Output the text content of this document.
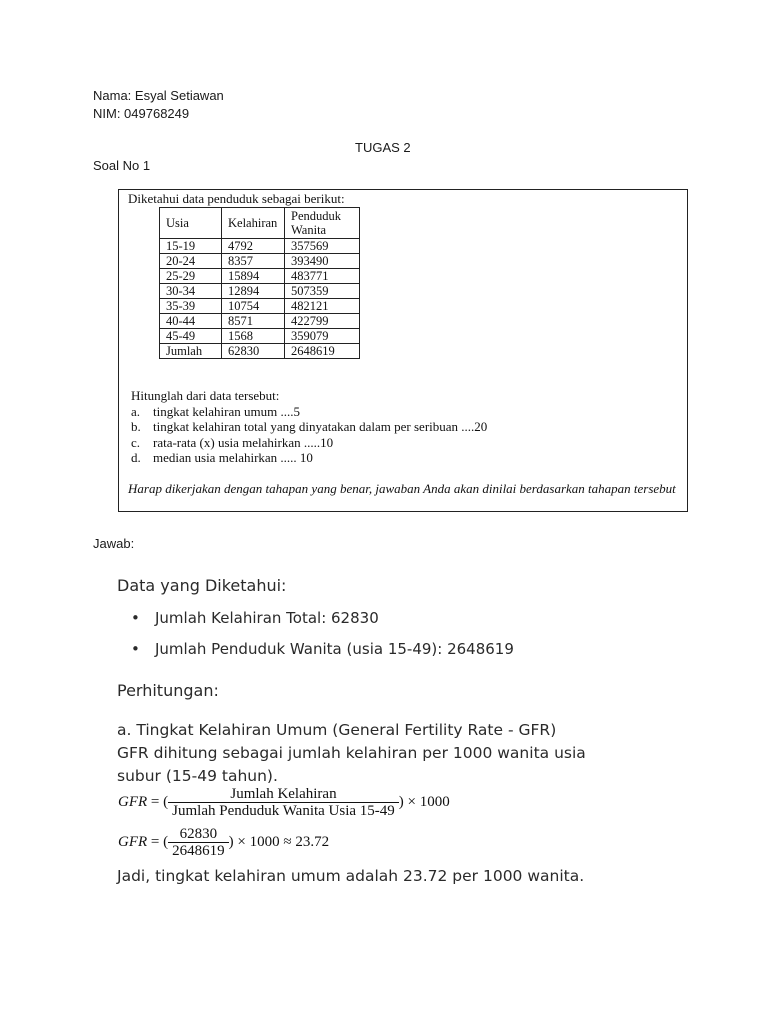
Nama: Esyal Setiawan
NIM: 049768249
TUGAS 2
Soal No 1
Diketahui data penduduk sebagai berikut:
Usia	Kelahiran	Penduduk Wanita
15-19	4792	357569
20-24	8357	393490
25-29	15894	483771
30-34	12894	507359
35-39	10754	482121
40-44	8571	422799
45-49	1568	359079
Jumlah	62830	2648619
Hitunglah dari data tersebut:
a. tingkat kelahiran umum ....5
b. tingkat kelahiran total yang dinyatakan dalam per seribuan ....20
c. rata-rata (x) usia melahirkan .....10
d. median usia melahirkan ..... 10
Harap dikerjakan dengan tahapan yang benar, jawaban Anda akan dinilai berdasarkan tahapan tersebut
Jawab:
Data yang Diketahui:
•	Jumlah Kelahiran Total: 62830
•	Jumlah Penduduk Wanita (usia 15-49): 2648619
Perhitungan:
a. Tingkat Kelahiran Umum (General Fertility Rate - GFR)
GFR dihitung sebagai jumlah kelahiran per 1000 wanita usia
subur (15-49 tahun).
GFR = ( $\frac{\text{Jumlah Kelahiran}}{\text{Jumlah Penduduk Wanita Usia 15-49}}$ ) × 1000
GFR = ( $\frac{62830}{2648619}$ ) × 1000 ≈ 23.72
Jadi, tingkat kelahiran umum adalah 23.72 per 1000 wanita.
